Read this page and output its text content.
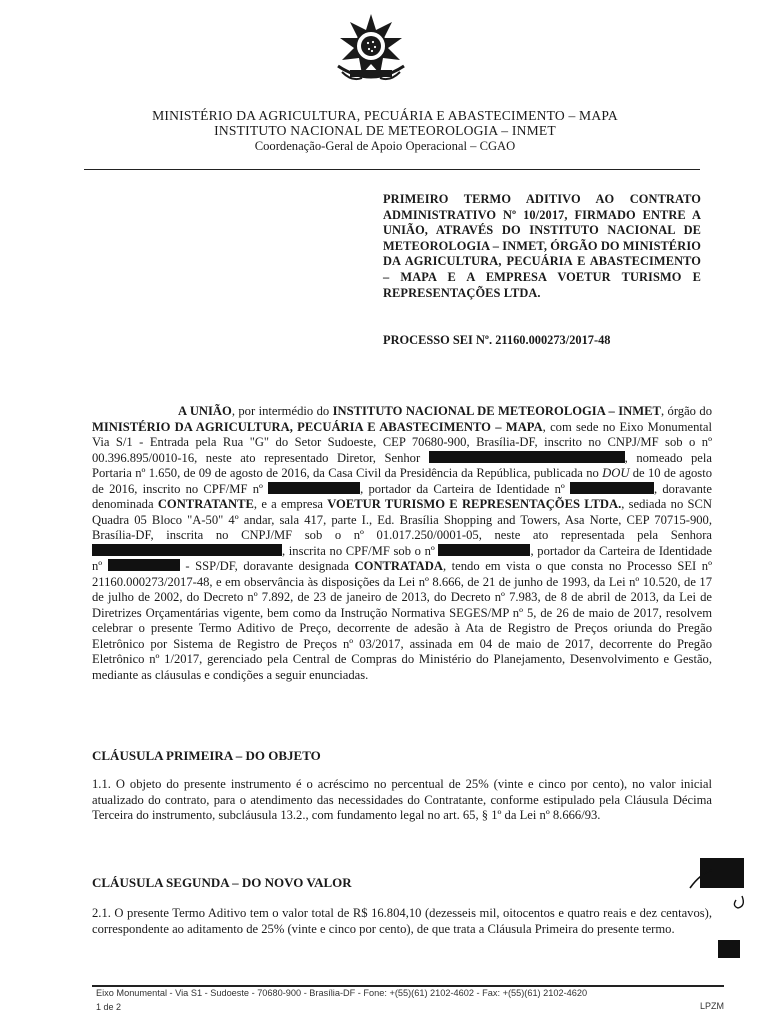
MINISTÉRIO DA AGRICULTURA, PECUÁRIA E ABASTECIMENTO – MAPA
INSTITUTO NACIONAL DE METEOROLOGIA – INMET
Coordenação-Geral de Apoio Operacional – CGAO
PRIMEIRO TERMO ADITIVO AO CONTRATO ADMINISTRATIVO Nº 10/2017, FIRMADO ENTRE A UNIÃO, ATRAVÉS DO INSTITUTO NACIONAL DE METEOROLOGIA – INMET, ÓRGÃO DO MINISTÉRIO DA AGRICULTURA, PECUÁRIA E ABASTECIMENTO – MAPA E A EMPRESA VOETUR TURISMO E REPRESENTAÇÕES LTDA.
PROCESSO SEI Nº. 21160.000273/2017-48
A UNIÃO, por intermédio do INSTITUTO NACIONAL DE METEOROLOGIA – INMET, órgão do MINISTÉRIO DA AGRICULTURA, PECUÁRIA E ABASTECIMENTO – MAPA, com sede no Eixo Monumental Via S/1 - Entrada pela Rua "G" do Setor Sudoeste, CEP 70680-900, Brasília-DF, inscrito no CNPJ/MF sob o nº 00.396.895/0010-16, neste ato representado Diretor, Senhor	, nomeado pela Portaria nº 1.650, de 09 de agosto de 2016, da Casa Civil da Presidência da República, publicada no DOU de 10 de agosto de 2016, inscrito no CPF/MF nº	, portador da Carteira de Identidade nº	, doravante denominada CONTRATANTE, e a empresa VOETUR TURISMO E REPRESENTAÇÕES LTDA., sediada no SCN Quadra 05 Bloco "A-50" 4º andar, sala 417, parte I., Ed. Brasília Shopping and Towers, Asa Norte, CEP 70715-900, Brasília-DF, inscrita no CNPJ/MF sob o nº 01.017.250/0001-05, neste ato representada pela Senhora , inscrita no CPF/MF sob o nº	, portador da Carteira de Identidade nº	- SSP/DF, doravante designada CONTRATADA, tendo em vista o que consta no Processo SEI nº 21160.000273/2017-48, e em observância às disposições da Lei nº 8.666, de 21 de junho de 1993, da Lei nº 10.520, de 17 de julho de 2002, do Decreto nº 7.892, de 23 de janeiro de 2013, do Decreto nº 7.983, de 8 de abril de 2013, da Lei de Diretrizes Orçamentárias vigente, bem como da Instrução Normativa SEGES/MP nº 5, de 26 de maio de 2017, resolvem celebrar o presente Termo Aditivo de Preço, decorrente de adesão à Ata de Registro de Preços oriunda do Pregão Eletrônico por Sistema de Registro de Preços nº 03/2017, assinada em 04 de maio de 2017, decorrente do Pregão Eletrônico nº 1/2017, gerenciado pela Central de Compras do Ministério do Planejamento, Desenvolvimento e Gestão, mediante as cláusulas e condições a seguir enunciadas.
CLÁUSULA PRIMEIRA – DO OBJETO
1.1. O objeto do presente instrumento é o acréscimo no percentual de 25% (vinte e cinco por cento), no valor inicial atualizado do contrato, para o atendimento das necessidades do Contratante, conforme estipulado pela Cláusula Décima Terceira do instrumento, subcláusula 13.2., com fundamento legal no art. 65, § 1º da Lei nº 8.666/93.
CLÁUSULA SEGUNDA – DO NOVO VALOR
2.1. O presente Termo Aditivo tem o valor total de R$ 16.804,10 (dezesseis mil, oitocentos e quatro reais e dez centavos), correspondente ao aditamento de 25% (vinte e cinco por cento), de que trata a Cláusula Primeira do presente termo.
Eixo Monumental - Via S1 - Sudoeste - 70680-900 - Brasília-DF - Fone: +(55)(61) 2102-4602 - Fax: +(55)(61) 2102-4620
1 de 2	LPZM
